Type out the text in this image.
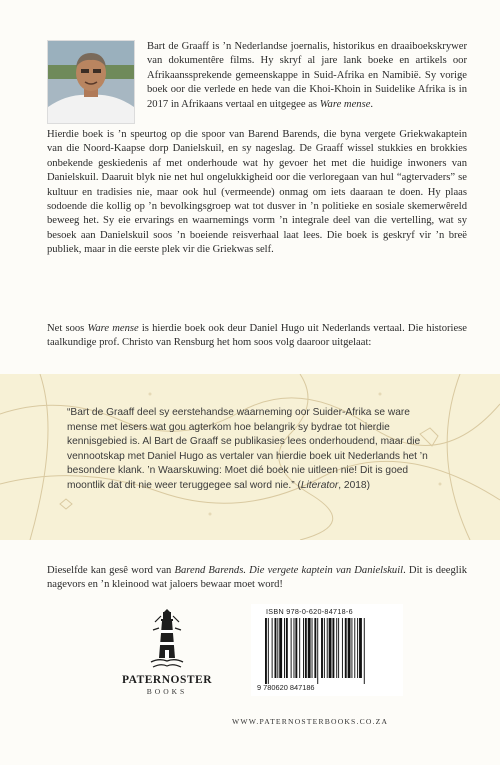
Bart de Graaff is ’n Nederlandse joernalis, historikus en draaiboekskrywer van dokumentêre films. Hy skryf al jare lank boeke en artikels oor Afrikaanssprekende gemeenskappe in Suid-Afrika en Namibië. Sy vorige boek oor die verlede en hede van die Khoi-Khoin in Suidelike Afrika is in 2017 in Afrikaans vertaal en uitgegee as Ware mense.
Hierdie boek is ’n speurtog op die spoor van Barend Barends, die byna vergete Griekwakaptein van die Noord-Kaapse dorp Danielskuil, en sy nageslag. De Graaff wissel stukkies en brokkies onbekende geskiedenis af met onderhoude wat hy gevoer het met die huidige inwoners van Danielskuil. Daaruit blyk nie net hul ongelukkigheid oor die verloregaan van hul “agtervaders” se kultuur en tradisies nie, maar ook hul (vermeende) onmag om iets daaraan te doen. Hy plaas sodoende die kollig op ’n bevolkingsgroep wat tot dusver in ’n politieke en sosiale skemerwêreld beweeg het. Sy eie ervarings en waarnemings vorm ’n integrale deel van die vertelling, wat sy besoek aan Danielskuil soos ’n boeiende reisverhaal laat lees. Die boek is geskryf vir ’n breë publiek, maar in die eerste plek vir die Griekwas self.
Net soos Ware mense is hierdie boek ook deur Daniel Hugo uit Nederlands vertaal. Die historiese taalkundige prof. Christo van Rensburg het hom soos volg daaroor uitgelaat:
“Bart de Graaff deel sy eerstehandse waarneming oor Suider-Afrika se ware mense met lesers wat gou agterkom hoe belangrik sy bydrae tot hierdie kennisgebied is. Al Bart de Graaff se publikasies lees onderhoudend, maar die vennootskap met Daniel Hugo as vertaler van hierdie boek uit Nederlands het ’n besondere klank. ’n Waarskuwing: Moet dié boek nie uitleen nie! Dit is goed moontlik dat dit nie weer teruggegee sal word nie.” (Literator, 2018)
Dieselfde kan gesê word van Barend Barends. Die vergete kaptein van Danielskuil. Dit is deeglik nagevors en ’n kleinood wat jaloers bewaar moet word!
PATERNOSTER
BOOKS
ISBN 978-0-620-84718-6
9 780620 847186
WWW.PATERNOSTERBOOKS.CO.ZA
